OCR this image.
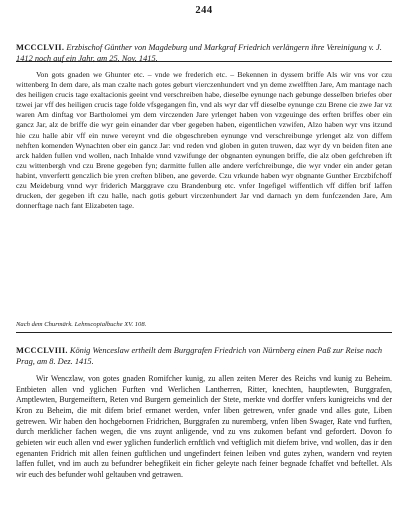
244
MCCCLVII. Erzbischof Günther von Magdeburg und Markgraf Friedrich verlängern ihre Vereinigung v. J. 1412 noch auf ein Jahr, am 25. Nov. 1415.

Von gots gnaden we Ghunter etc. – vnde we frederich etc. – Bekennen in dyssem briffe Als wir vns vor czu wittenberg In dem dare, als man czalte nach gotes geburt vierczenhundert vnd yn deme zwelfften Jare, Am mantage nach des heiligen crucis tage exaltacionis geeint vnd verschreiben habe, dieselbe eynunge nach gebunge desselben briefes ober tzwei jar vff des heiligen crucis tage folde vfsgegangen fin, vnd als wyr dar vff dieselbe eynunge czu Brene cie zwe Jar vz waren Am dinftag vor Bartholomei ym dem virczenden Jare yrlenget haben von vzgeuinge des erften briffes ober ein gancz Jar, alz de briffe die wyr gein einander dar vber gegeben haben, eigentlichen vzwifen, Alzo haben wyr vns itzund hie czu halle abir vff ein nuwe vereynt vnd die obgeschreben eynunge vnd verschreibunge yrlenget alz von diffem nehften komenden Wynachten ober ein gancz Jar: vnd reden vnd globen in guten truwen, daz wyr dy vn beiden fiten ane arck halden fullen vnd wollen, nach Inhalde vnnd vzwifunge der obgnanten eynungen briffe, die alz oben gefchreben ift czu wittenbergh vnd czu Brene gegeben fyn; darmitte fullen alle andere verfchreibunge, die wyr vnder ein ander getan habint, vnverfertt genczlich bie yren creften bliben, ane geverde. Czu vrkunde haben wyr obgnante Gunther Erczbifchoff czu Meideburg vnnd wyr friderich Marggrave czu Brandenburg etc. vnfer Ingefigel wiffentlich vff diffen brif laffen drucken, der gegeben ift czu halle, nach gotis geburt virczenhundert Jar vnd darnach yn dem funfczenden Jare, Am donnerftage nach fant Elizabeten tage.

Nach dem Churmärk. Lehnscopialbuche XV. 108.
MCCCLVIII. König Wenceslaw ertheilt dem Burggrafen Friedrich von Nürnberg einen Paß zur Reise nach Prag, am 8. Dez. 1415.

Wir Wenczlaw, von gotes gnaden Romifcher kunig, zu allen zeiten Merer des Reichs vnd kunig zu Beheim. Entbieten allen vnd yglichen Furften vnd Werlichen Lantherren, Ritter, knechten, hauptlewten, Burggrafen, Amptlewten, Burgemeiftern, Reten vnd Burgern gemeinlich der Stete, merkte vnd dorffer vnfers kunigreichs vnd der Kron zu Beheim, die mit difem brief ermanet werden, vnfer liben getrewen, vnfer gnade vnd alles gute, Liben getrewen. Wir haben den hochgebornen Fridrichen, Burggrafen zu nuremberg, vnfen liben Swager, Rate vnd furften, durch merklicher fachen wegen, die vns zuynt anligende, vnd zu vns zukomen befant vnd gefordert. Dovon fo gebieten wir euch allen vnd ewer yglichen funderlich ernftlich vnd veftiglich mit diefem brive, vnd wollen, das ir den egenanten Fridrich mit allen feinen guftlichen und ungefindert feinen leiben vnd gutes zyhen, wandern vnd reyten laffen fullet, vnd im auch zu befundrer behegfikeit ein ficher geleyte nach feiner begnade fchaffet vnd beftellet. Als wir euch des befunder wohl geltauben vnd getrawen.
